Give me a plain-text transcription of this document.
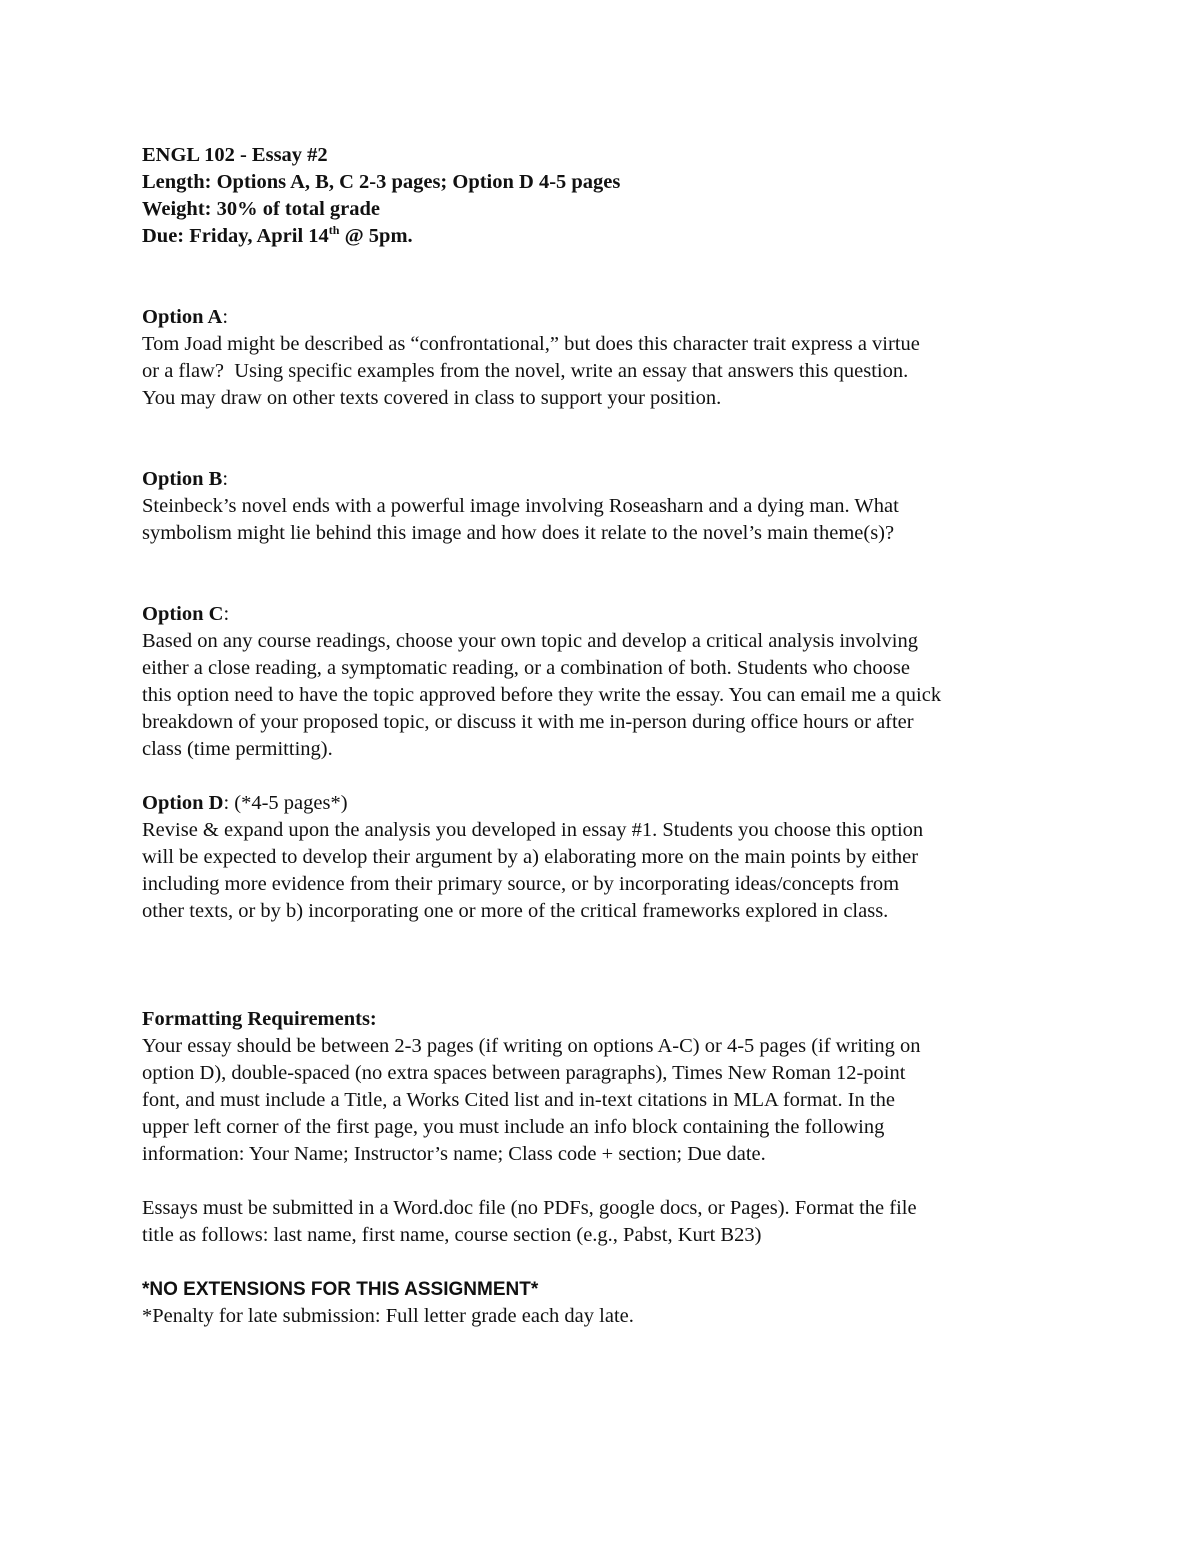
ENGL 102 - Essay #2
Length: Options A, B, C 2-3 pages; Option D 4-5 pages
Weight: 30% of total grade
Due: Friday, April 14th @ 5pm.
Option A:
Tom Joad might be described as “confrontational,” but does this character trait express a virtue
or a flaw?  Using specific examples from the novel, write an essay that answers this question.
You may draw on other texts covered in class to support your position.
Option B:
Steinbeck’s novel ends with a powerful image involving Roseasharn and a dying man. What
symbolism might lie behind this image and how does it relate to the novel’s main theme(s)?
Option C:
Based on any course readings, choose your own topic and develop a critical analysis involving
either a close reading, a symptomatic reading, or a combination of both. Students who choose
this option need to have the topic approved before they write the essay. You can email me a quick
breakdown of your proposed topic, or discuss it with me in-person during office hours or after
class (time permitting).
Option D: (*4-5 pages*)
Revise & expand upon the analysis you developed in essay #1. Students you choose this option
will be expected to develop their argument by a) elaborating more on the main points by either
including more evidence from their primary source, or by incorporating ideas/concepts from
other texts, or by b) incorporating one or more of the critical frameworks explored in class.
Formatting Requirements:
Your essay should be between 2-3 pages (if writing on options A-C) or 4-5 pages (if writing on
option D), double-spaced (no extra spaces between paragraphs), Times New Roman 12-point
font, and must include a Title, a Works Cited list and in-text citations in MLA format. In the
upper left corner of the first page, you must include an info block containing the following
information: Your Name; Instructor’s name; Class code + section; Due date.
Essays must be submitted in a Word.doc file (no PDFs, google docs, or Pages). Format the file
title as follows: last name, first name, course section (e.g., Pabst, Kurt B23)
*NO EXTENSIONS FOR THIS ASSIGNMENT*
*Penalty for late submission: Full letter grade each day late.
